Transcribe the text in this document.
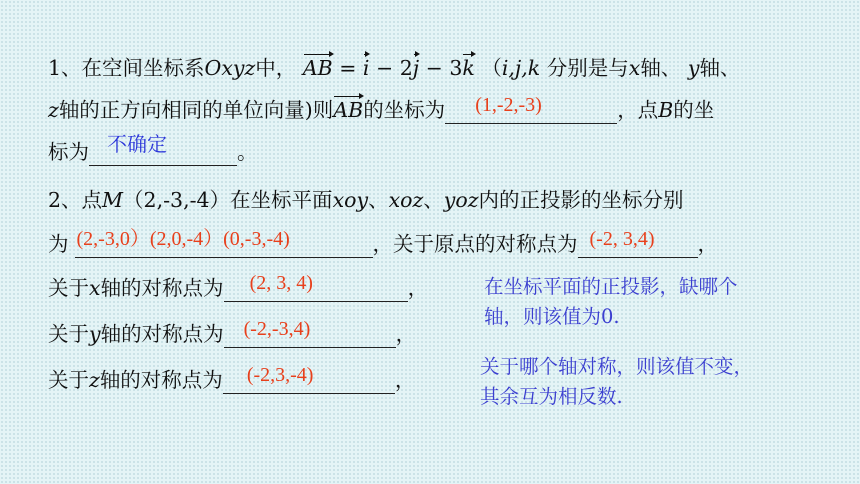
1、在空间坐标系Oxyz中， AB = i − 2j − 3k （i,j,k 分别是与x轴、 y轴、
z轴的正方向相同的单位向量)则AB的坐标为 (1,-2,-3)	，点B的坐
标为 不确定	。
2、点M（2,-3,-4）在坐标平面xoy、xoz、yoz内的正投影的坐标分别
为 (2,-3,0）(2,0,-4）(0,-3,-4)	，关于原点的对称点为 (-2, 3,4) ，
关于x轴的对称点为 (2, 3, 4)	，
关于y轴的对称点为 (-2,-3,4)	，
关于z轴的对称点为 (-2,3,-4)	，
在坐标平面的正投影，缺哪个
轴，则该值为0.
关于哪个轴对称，则该值不变，
其余互为相反数.
